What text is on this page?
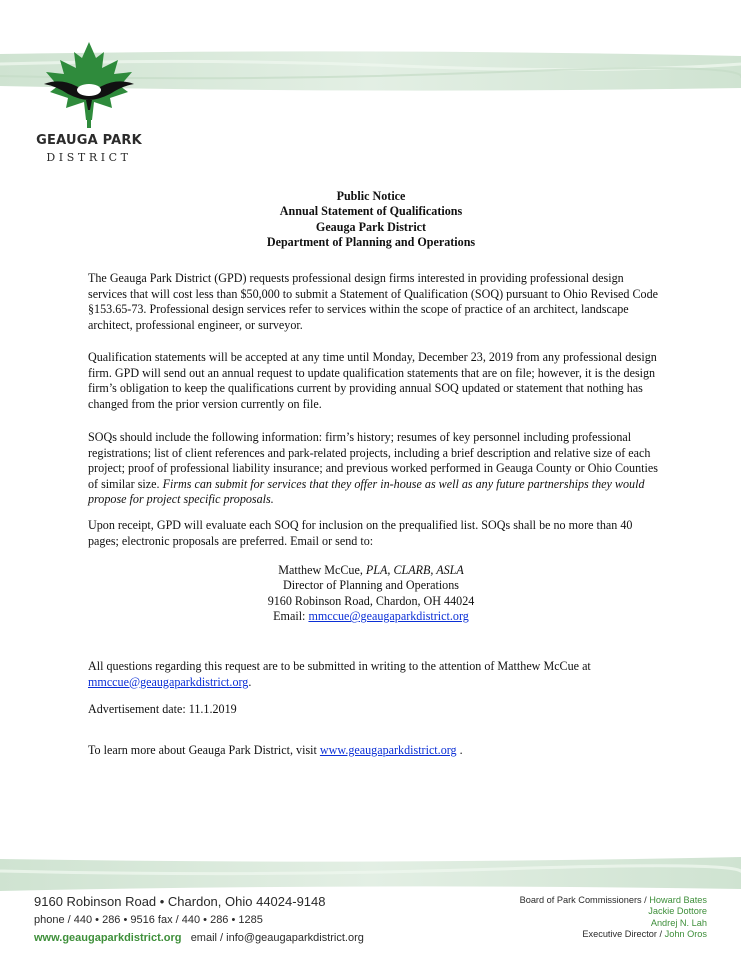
GEAUGA PARK
DISTRICT
Public Notice
Annual Statement of Qualifications
Geauga Park District
Department of Planning and Operations

The Geauga Park District (GPD) requests professional design firms interested in providing professional design services that will cost less than $50,000 to submit a Statement of Qualification (SOQ) pursuant to Ohio Revised Code §153.65-73. Professional design services refer to services within the scope of practice of an architect, landscape architect, professional engineer, or surveyor.

Qualification statements will be accepted at any time until Monday, December 23, 2019 from any professional design firm. GPD will send out an annual request to update qualification statements that are on file; however, it is the design firm’s obligation to keep the qualifications current by providing annual SOQ updated or statement that nothing has changed from the prior version currently on file.

SOQs should include the following information: firm’s history; resumes of key personnel including professional registrations; list of client references and park-related projects, including a brief description and relative size of each project; proof of professional liability insurance; and previous worked performed in Geauga County or Ohio Counties of similar size. Firms can submit for services that they offer in-house as well as any future partnerships they would propose for project specific proposals.

Upon receipt, GPD will evaluate each SOQ for inclusion on the prequalified list. SOQs shall be no more than 40 pages; electronic proposals are preferred. Email or send to:

Matthew McCue, PLA, CLARB, ASLA
Director of Planning and Operations
9160 Robinson Road, Chardon, OH 44024
Email: mmccue@geaugaparkdistrict.org

All questions regarding this request are to be submitted in writing to the attention of Matthew McCue at mmccue@geaugaparkdistrict.org.

Advertisement date: 11.1.2019

To learn more about Geauga Park District, visit www.geaugaparkdistrict.org .

9160 Robinson Road • Chardon, Ohio 44024-9148
phone / 440 • 286 • 9516 fax / 440 • 286 • 1285
www.geaugaparkdistrict.org email / info@geaugaparkdistrict.org
Board of Park Commissioners / Howard Bates
Jackie Dottore
Andrej N. Lah
Executive Director / John Oros
